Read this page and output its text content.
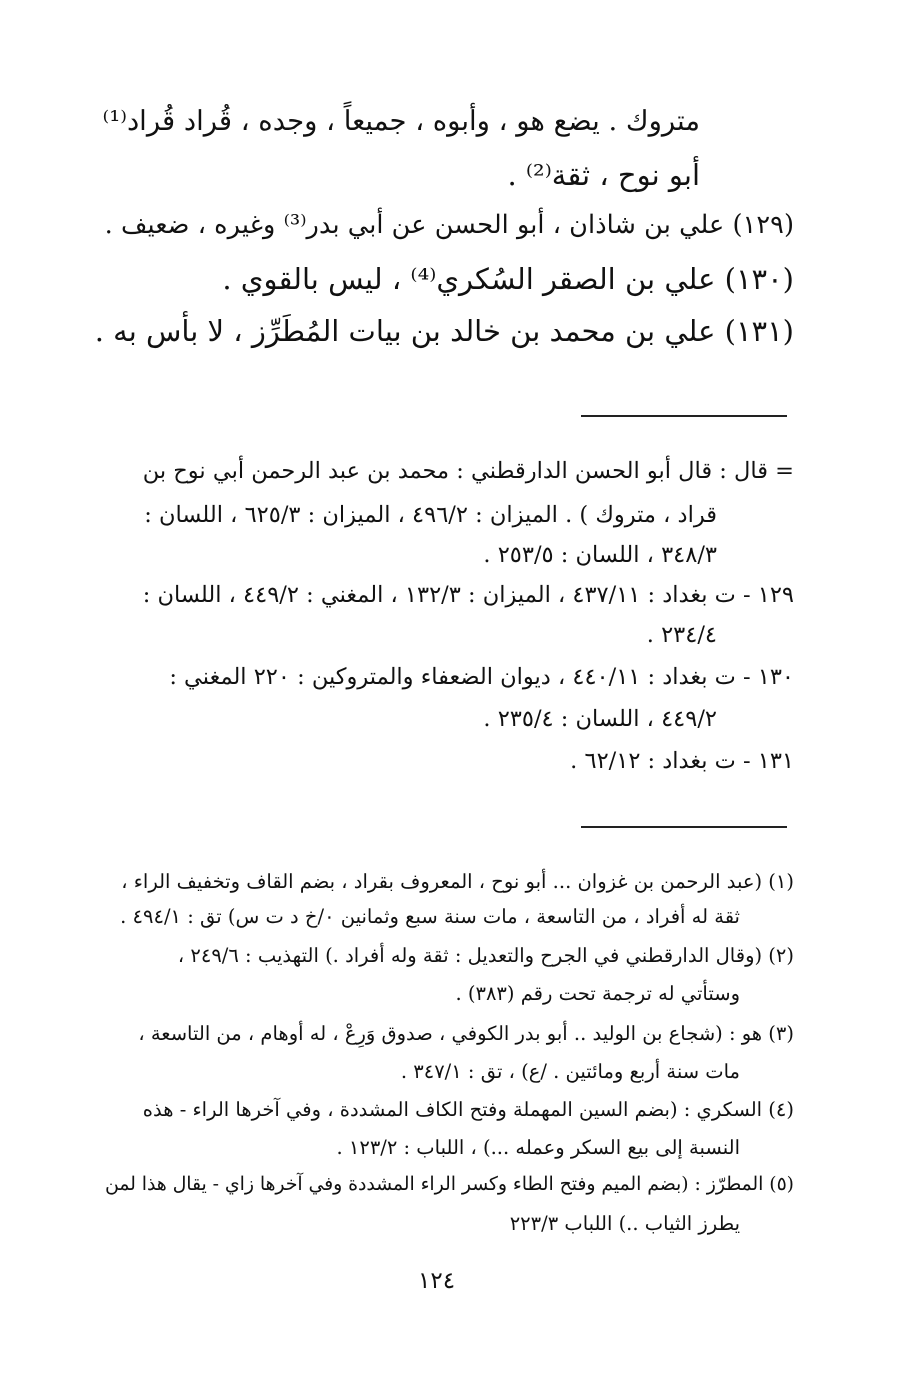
متروك . يضع هو ، وأبوه ، جميعاً ، وجده ، قُراد قُراد⁽¹⁾
أبو نوح ، ثقة⁽²⁾ .
(١٢٩) علي بن شاذان ، أبو الحسن عن أبي بدر⁽³⁾ وغيره ، ضعيف .
(١٣٠) علي بن الصقر السُكري⁽⁴⁾ ، ليس بالقوي .
(١٣١) علي بن محمد بن خالد بن بيات المُطَرِّز ، لا بأس به .
= قال : قال أبو الحسن الدارقطني : محمد بن عبد الرحمن أبي نوح بن
قراد ، متروك ) . الميزان : ٤٩٦/٢ ، الميزان : ٦٢٥/٣ ، اللسان :
٣٤٨/٣ ، اللسان : ٢٥٣/٥ .
١٢٩ - ت بغداد : ٤٣٧/١١ ، الميزان : ١٣٢/٣ ، المغني : ٤٤٩/٢ ، اللسان :
٢٣٤/٤ .
١٣٠ - ت بغداد : ٤٤٠/١١ ، ديوان الضعفاء والمتروكين : ٢٢٠ المغني :
٤٤٩/٢ ، اللسان : ٢٣٥/٤ .
١٣١ - ت بغداد : ٦٢/١٢ .
(١) (عبد الرحمن بن غزوان ... أبو نوح ، المعروف بقراد ، بضم القاف وتخفيف الراء ،
ثقة له أفراد ، من التاسعة ، مات سنة سبع وثمانين ٠/خ د ت س) تق : ٤٩٤/١ .
(٢) (وقال الدارقطني في الجرح والتعديل : ثقة وله أفراد .) التهذيب : ٢٤٩/٦ ،
وستأتي له ترجمة تحت رقم (٣٨٣) .
(٣) هو : (شجاع بن الوليد .. أبو بدر الكوفي ، صدوق وَرِعْ ، له أوهام ، من التاسعة ،
مات سنة أربع ومائتين . /ع) ، تق : ٣٤٧/١ .
(٤) السكري : (بضم السين المهملة وفتح الكاف المشددة ، وفي آخرها الراء - هذه
النسبة إلى بيع السكر وعمله ...) ، اللباب : ١٢٣/٢ .
(٥) المطرّز : (بضم الميم وفتح الطاء وكسر الراء المشددة وفي آخرها زاي - يقال هذا لمن
يطرز الثياب ..) اللباب ٢٢٣/٣
١٢٤
